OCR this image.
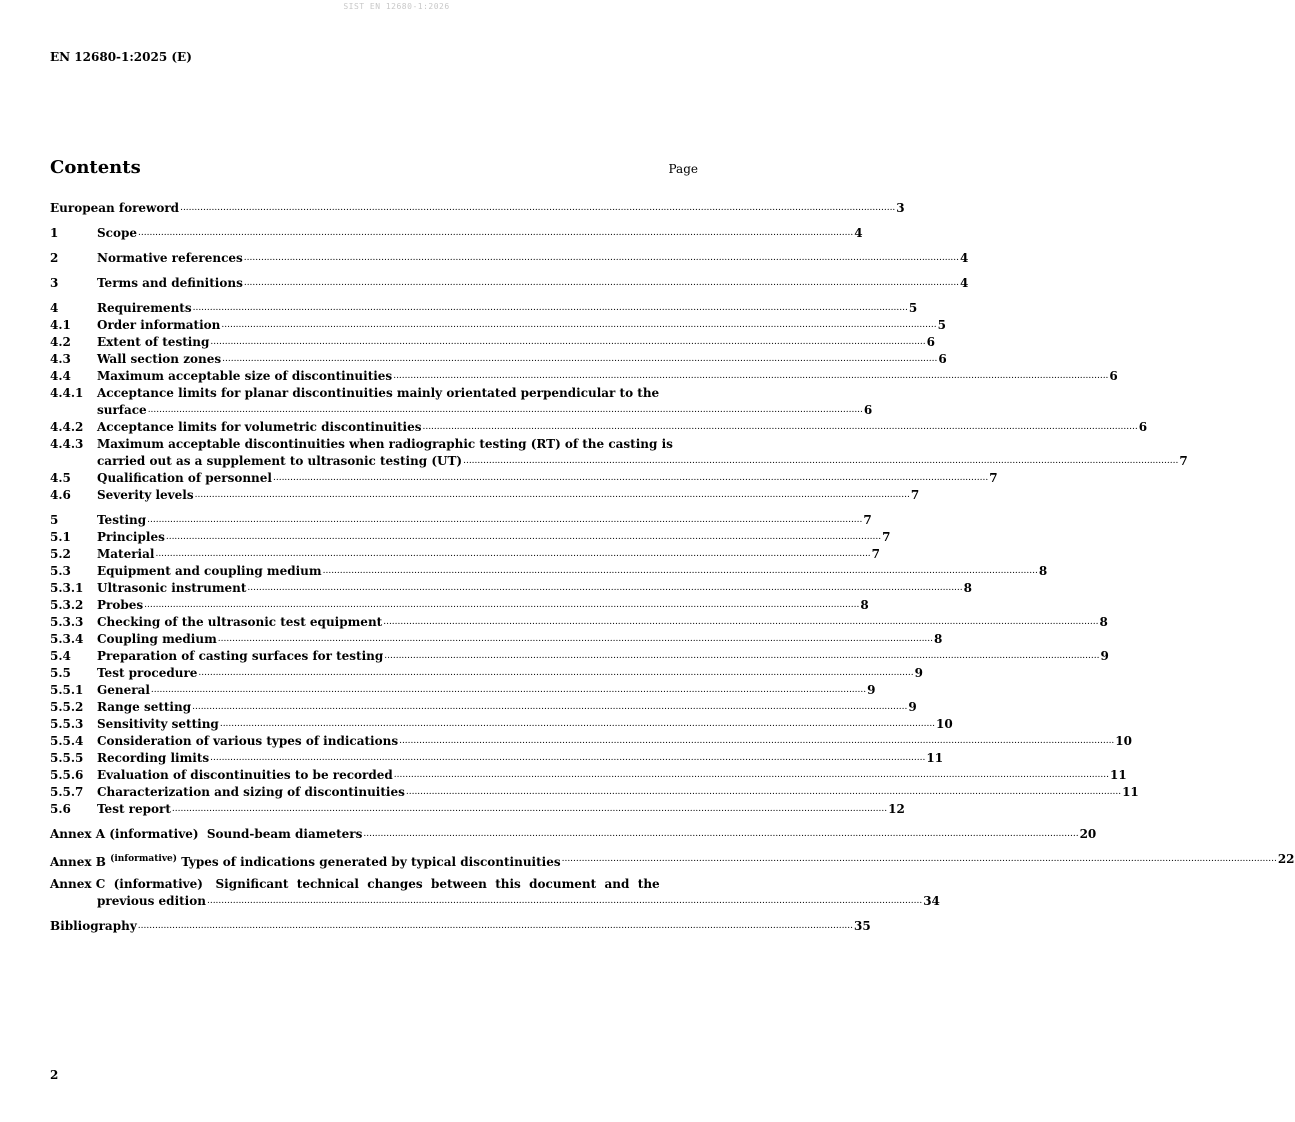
SIST EN 12680-1:2026
EN 12680-1:2025 (E)
Contents	Page
European foreword .......................................................................................................................................................................................................................................................... 3
1	Scope .......................................................................................................................................................................................................................................................... 4
2	Normative references .......................................................................................................................................................................................................................................................... 4
3	Terms and definitions .......................................................................................................................................................................................................................................................... 4
4	Requirements .......................................................................................................................................................................................................................................................... 5
4.1 Order information .......................................................................................................................................................................................................................................................... 5
4.2 Extent of testing .......................................................................................................................................................................................................................................................... 6
4.3 Wall section zones .......................................................................................................................................................................................................................................................... 6
4.4 Maximum acceptable size of discontinuities .......................................................................................................................................................................................................................................................... 6
4.4.1 Acceptance limits for planar discontinuities mainly orientated perpendicular to the
surface .......................................................................................................................................................................................................................................................... 6
4.4.2 Acceptance limits for volumetric discontinuities .......................................................................................................................................................................................................................................................... 6
4.4.3 Maximum acceptable discontinuities when radiographic testing (RT) of the casting is
carried out as a supplement to ultrasonic testing (UT) .......................................................................................................................................................................................................................................................... 7
4.5 Qualification of personnel .......................................................................................................................................................................................................................................................... 7
4.6 Severity levels .......................................................................................................................................................................................................................................................... 7
5	Testing .......................................................................................................................................................................................................................................................... 7
5.1 Principles .......................................................................................................................................................................................................................................................... 7
5.2 Material .......................................................................................................................................................................................................................................................... 7
5.3 Equipment and coupling medium .......................................................................................................................................................................................................................................................... 8
5.3.1 Ultrasonic instrument .......................................................................................................................................................................................................................................................... 8
5.3.2 Probes .......................................................................................................................................................................................................................................................... 8
5.3.3 Checking of the ultrasonic test equipment .......................................................................................................................................................................................................................................................... 8
5.3.4 Coupling medium .......................................................................................................................................................................................................................................................... 8
5.4 Preparation of casting surfaces for testing .......................................................................................................................................................................................................................................................... 9
5.5 Test procedure .......................................................................................................................................................................................................................................................... 9
5.5.1 General .......................................................................................................................................................................................................................................................... 9
5.5.2 Range setting .......................................................................................................................................................................................................................................................... 9
5.5.3 Sensitivity setting .......................................................................................................................................................................................................................................................... 10
5.5.4 Consideration of various types of indications .......................................................................................................................................................................................................................................................... 10
5.5.5 Recording limits .......................................................................................................................................................................................................................................................... 11
5.5.6 Evaluation of discontinuities to be recorded .......................................................................................................................................................................................................................................................... 11
5.5.7 Characterization and sizing of discontinuities .......................................................................................................................................................................................................................................................... 11
5.6 Test report .......................................................................................................................................................................................................................................................... 12
Annex A (informative)  Sound-beam diameters .......................................................................................................................................................................................................................................................... 20
Annex B $^{(informative)}$ Types of indications generated by typical discontinuities .......................................................................................................................................................................................................................................................... 22
Annex C  (informative)   Significant  technical  changes  between  this  document  and  the
previous edition .......................................................................................................................................................................................................................................................... 34
Bibliography .......................................................................................................................................................................................................................................................... 35
2
